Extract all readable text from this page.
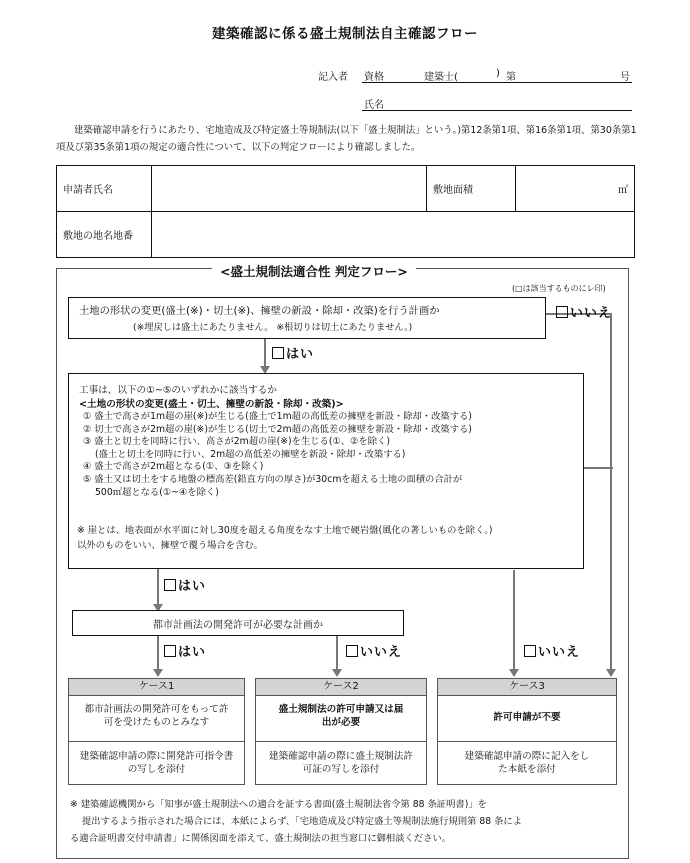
建築確認に係る盛土規制法自主確認フロー
記入者 資格	建築士(	) 第	号
氏名
建築確認申請を行うにあたり、宅地造成及び特定盛土等規制法(以下「盛土規制法」という。)第12条第1項、第16条第1項、第30条第1項及び第35条第1項の規定の適合性について、以下の判定フローにより確認しました。
申請者氏名		敷地面積	㎡
敷地の地名地番			
<盛土規制法適合性 判定フロー>
(□は該当するものにレ印)
土地の形状の変更(盛土(※)・切土(※)、擁壁の新設・除却・改築)を行う計画か
(※埋戻しは盛土にあたりません。 ※根切りは切土にあたりません。)
いいえ
はい
工事は、以下の①~⑤のいずれかに該当するか
<土地の形状の変更(盛土・切土、擁壁の新設・除却・改築)>
① 盛土で高さが1m超の崖(※)が生じる(盛土で1m超の高低差の擁壁を新設・除却・改築する)
② 切土で高さが2m超の崖(※)が生じる(切土で2m超の高低差の擁壁を新設・除却・改築する)
③ 盛土と切土を同時に行い、高さが2m超の崖(※)を生じる(①、②を除く)
(盛土と切土を同時に行い、2m超の高低差の擁壁を新設・除却・改築する)
④ 盛土で高さが2m超となる(①、③を除く)
⑤ 盛土又は切土をする地盤の標高差(鉛直方向の厚さ)が30cmを超える土地の面積の合計が
500㎡超となる(①~④を除く)
※ 崖とは、地表面が水平面に対し30度を超える角度をなす土地で硬岩盤(風化の著しいものを除く。)
以外のものをいい、擁壁で覆う場合を含む。
はい
都市計画法の開発許可が必要な計画か
はい	いいえ	いいえ
ケース1
都市計画法の開発許可をもって許可を受けたものとみなす
建築確認申請の際に開発許可指令書の写しを添付
ケース2
盛土規制法の許可申請又は届出が必要
建築確認申請の際に盛土規制法許可証の写しを添付
ケース3
許可申請が不要
建築確認申請の際に記入をした本紙を添付
※ 建築確認機関から「知事が盛土規制法への適合を証する書面(盛土規制法省令第 88 条証明書)」を
提出するよう指示された場合には、本紙によらず、「宅地造成及び特定盛土等規制法施行規則第 88 条によ
る適合証明書交付申請書」に関係図面を添えて、盛土規制法の担当窓口に御相談ください。
